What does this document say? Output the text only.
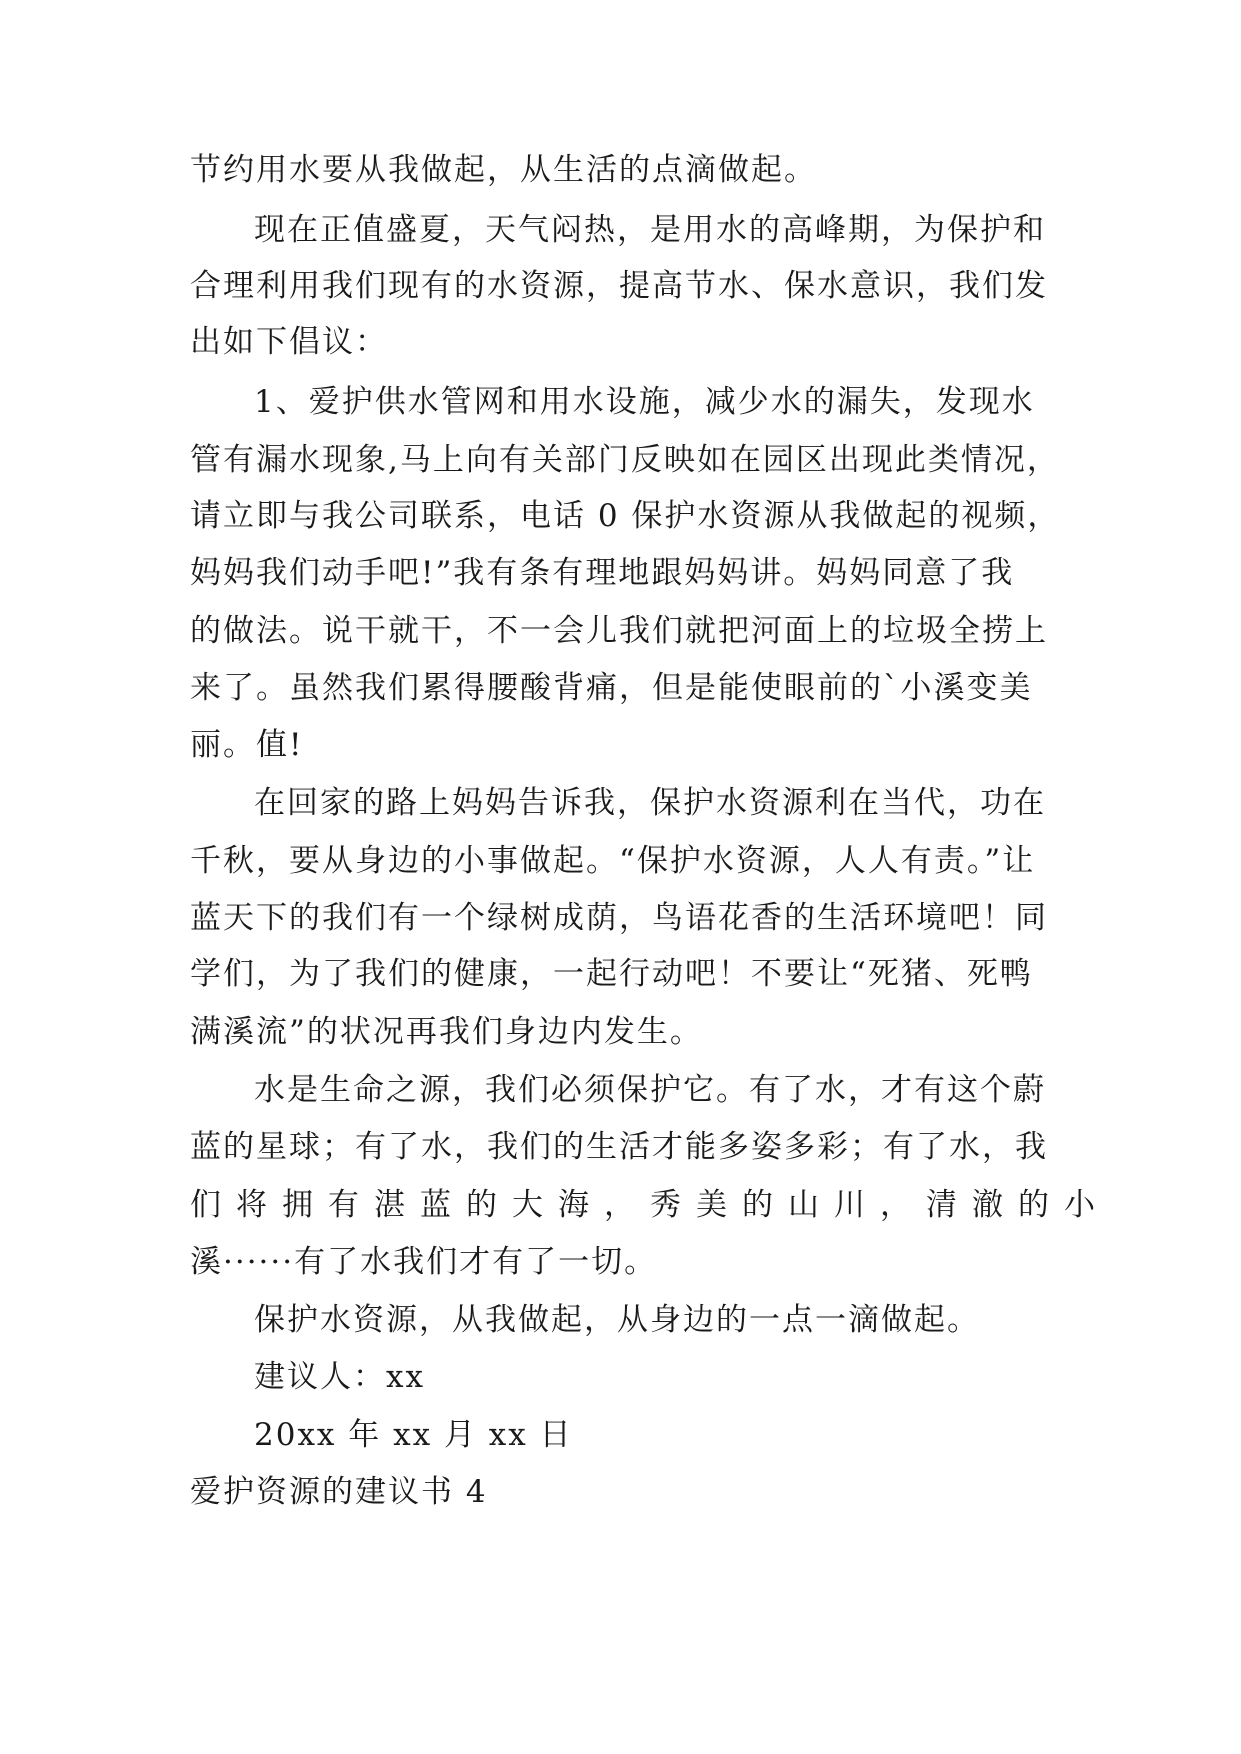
节约用水要从我做起，从生活的点滴做起。
现在正值盛夏，天气闷热，是用水的高峰期，为保护和
合理利用我们现有的水资源，提高节水、保水意识，我们发
出如下倡议：
1、爱护供水管网和用水设施，减少水的漏失，发现水
管有漏水现象,马上向有关部门反映如在园区出现此类情况，
请立即与我公司联系，电话 0 保护水资源从我做起的视频，
妈妈我们动手吧!”我有条有理地跟妈妈讲。妈妈同意了我
的做法。说干就干，不一会儿我们就把河面上的垃圾全捞上
来了。虽然我们累得腰酸背痛，但是能使眼前的`小溪变美
丽。值!
在回家的路上妈妈告诉我，保护水资源利在当代，功在
千秋，要从身边的小事做起。“保护水资源，人人有责。”让
蓝天下的我们有一个绿树成荫，鸟语花香的生活环境吧！同
学们，为了我们的健康，一起行动吧！不要让“死猪、死鸭
满溪流”的状况再我们身边内发生。
水是生命之源，我们必须保护它。有了水，才有这个蔚
蓝的星球；有了水，我们的生活才能多姿多彩；有了水，我
们将拥有湛蓝的大海，秀美的山川，清澈的小
溪······有了水我们才有了一切。
保护水资源，从我做起，从身边的一点一滴做起。
建议人：xx
20xx 年 xx 月 xx 日
爱护资源的建议书 4
